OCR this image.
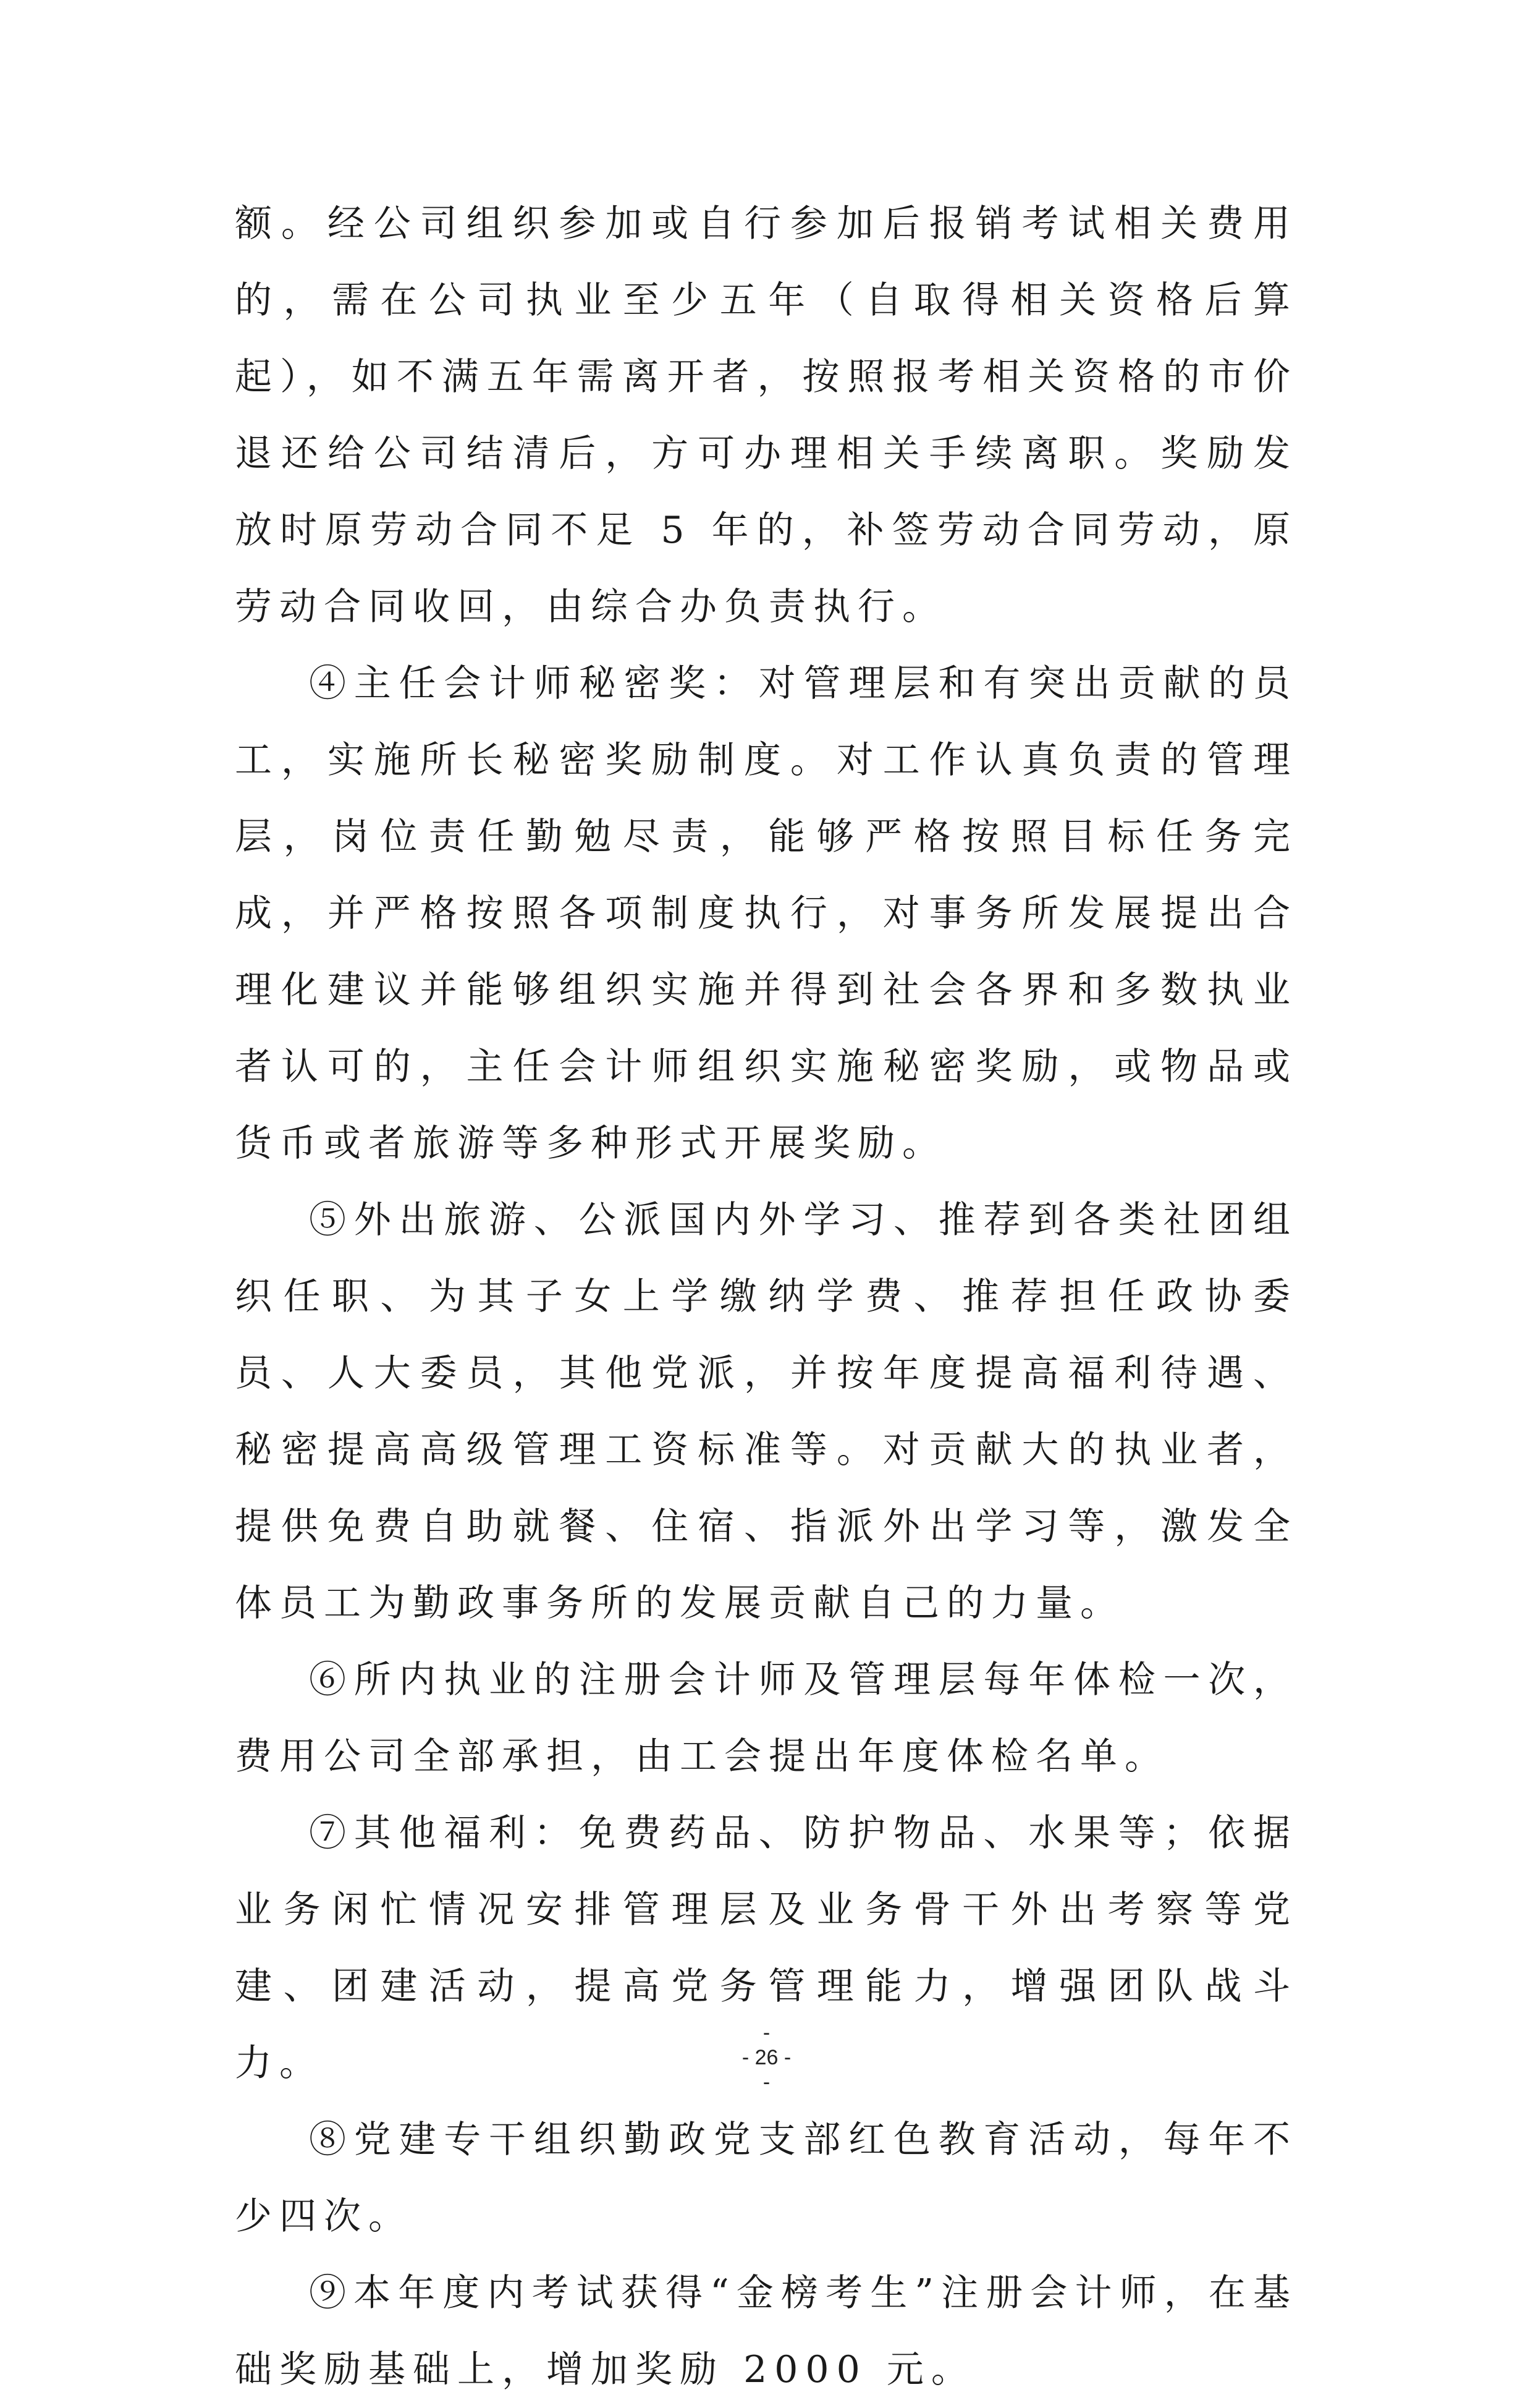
额。经公司组织参加或自行参加后报销考试相关费用的，需在公司执业至少五年（自取得相关资格后算起），如不满五年需离开者，按照报考相关资格的市价退还给公司结清后，方可办理相关手续离职。奖励发放时原劳动合同不足 5 年的，补签劳动合同劳动，原劳动合同收回，由综合办负责执行。

④主任会计师秘密奖：对管理层和有突出贡献的员工，实施所长秘密奖励制度。对工作认真负责的管理层，岗位责任勤勉尽责，能够严格按照目标任务完成，并严格按照各项制度执行，对事务所发展提出合理化建议并能够组织实施并得到社会各界和多数执业者认可的，主任会计师组织实施秘密奖励，或物品或货币或者旅游等多种形式开展奖励。

⑤外出旅游、公派国内外学习、推荐到各类社团组织任职、为其子女上学缴纳学费、推荐担任政协委员、人大委员，其他党派，并按年度提高福利待遇、秘密提高高级管理工资标准等。对贡献大的执业者，提供免费自助就餐、住宿、指派外出学习等，激发全体员工为勤政事务所的发展贡献自己的力量。

⑥所内执业的注册会计师及管理层每年体检一次，费用公司全部承担，由工会提出年度体检名单。

⑦其他福利：免费药品、防护物品、水果等；依据业务闲忙情况安排管理层及业务骨干外出考察等党建、团建活动，提高党务管理能力，增强团队战斗力。

⑧党建专干组织勤政党支部红色教育活动，每年不少四次。

⑨本年度内考试获得“金榜考生”注册会计师，在基础奖励基础上，增加奖励 2000 元。

-
- 26 -
-
